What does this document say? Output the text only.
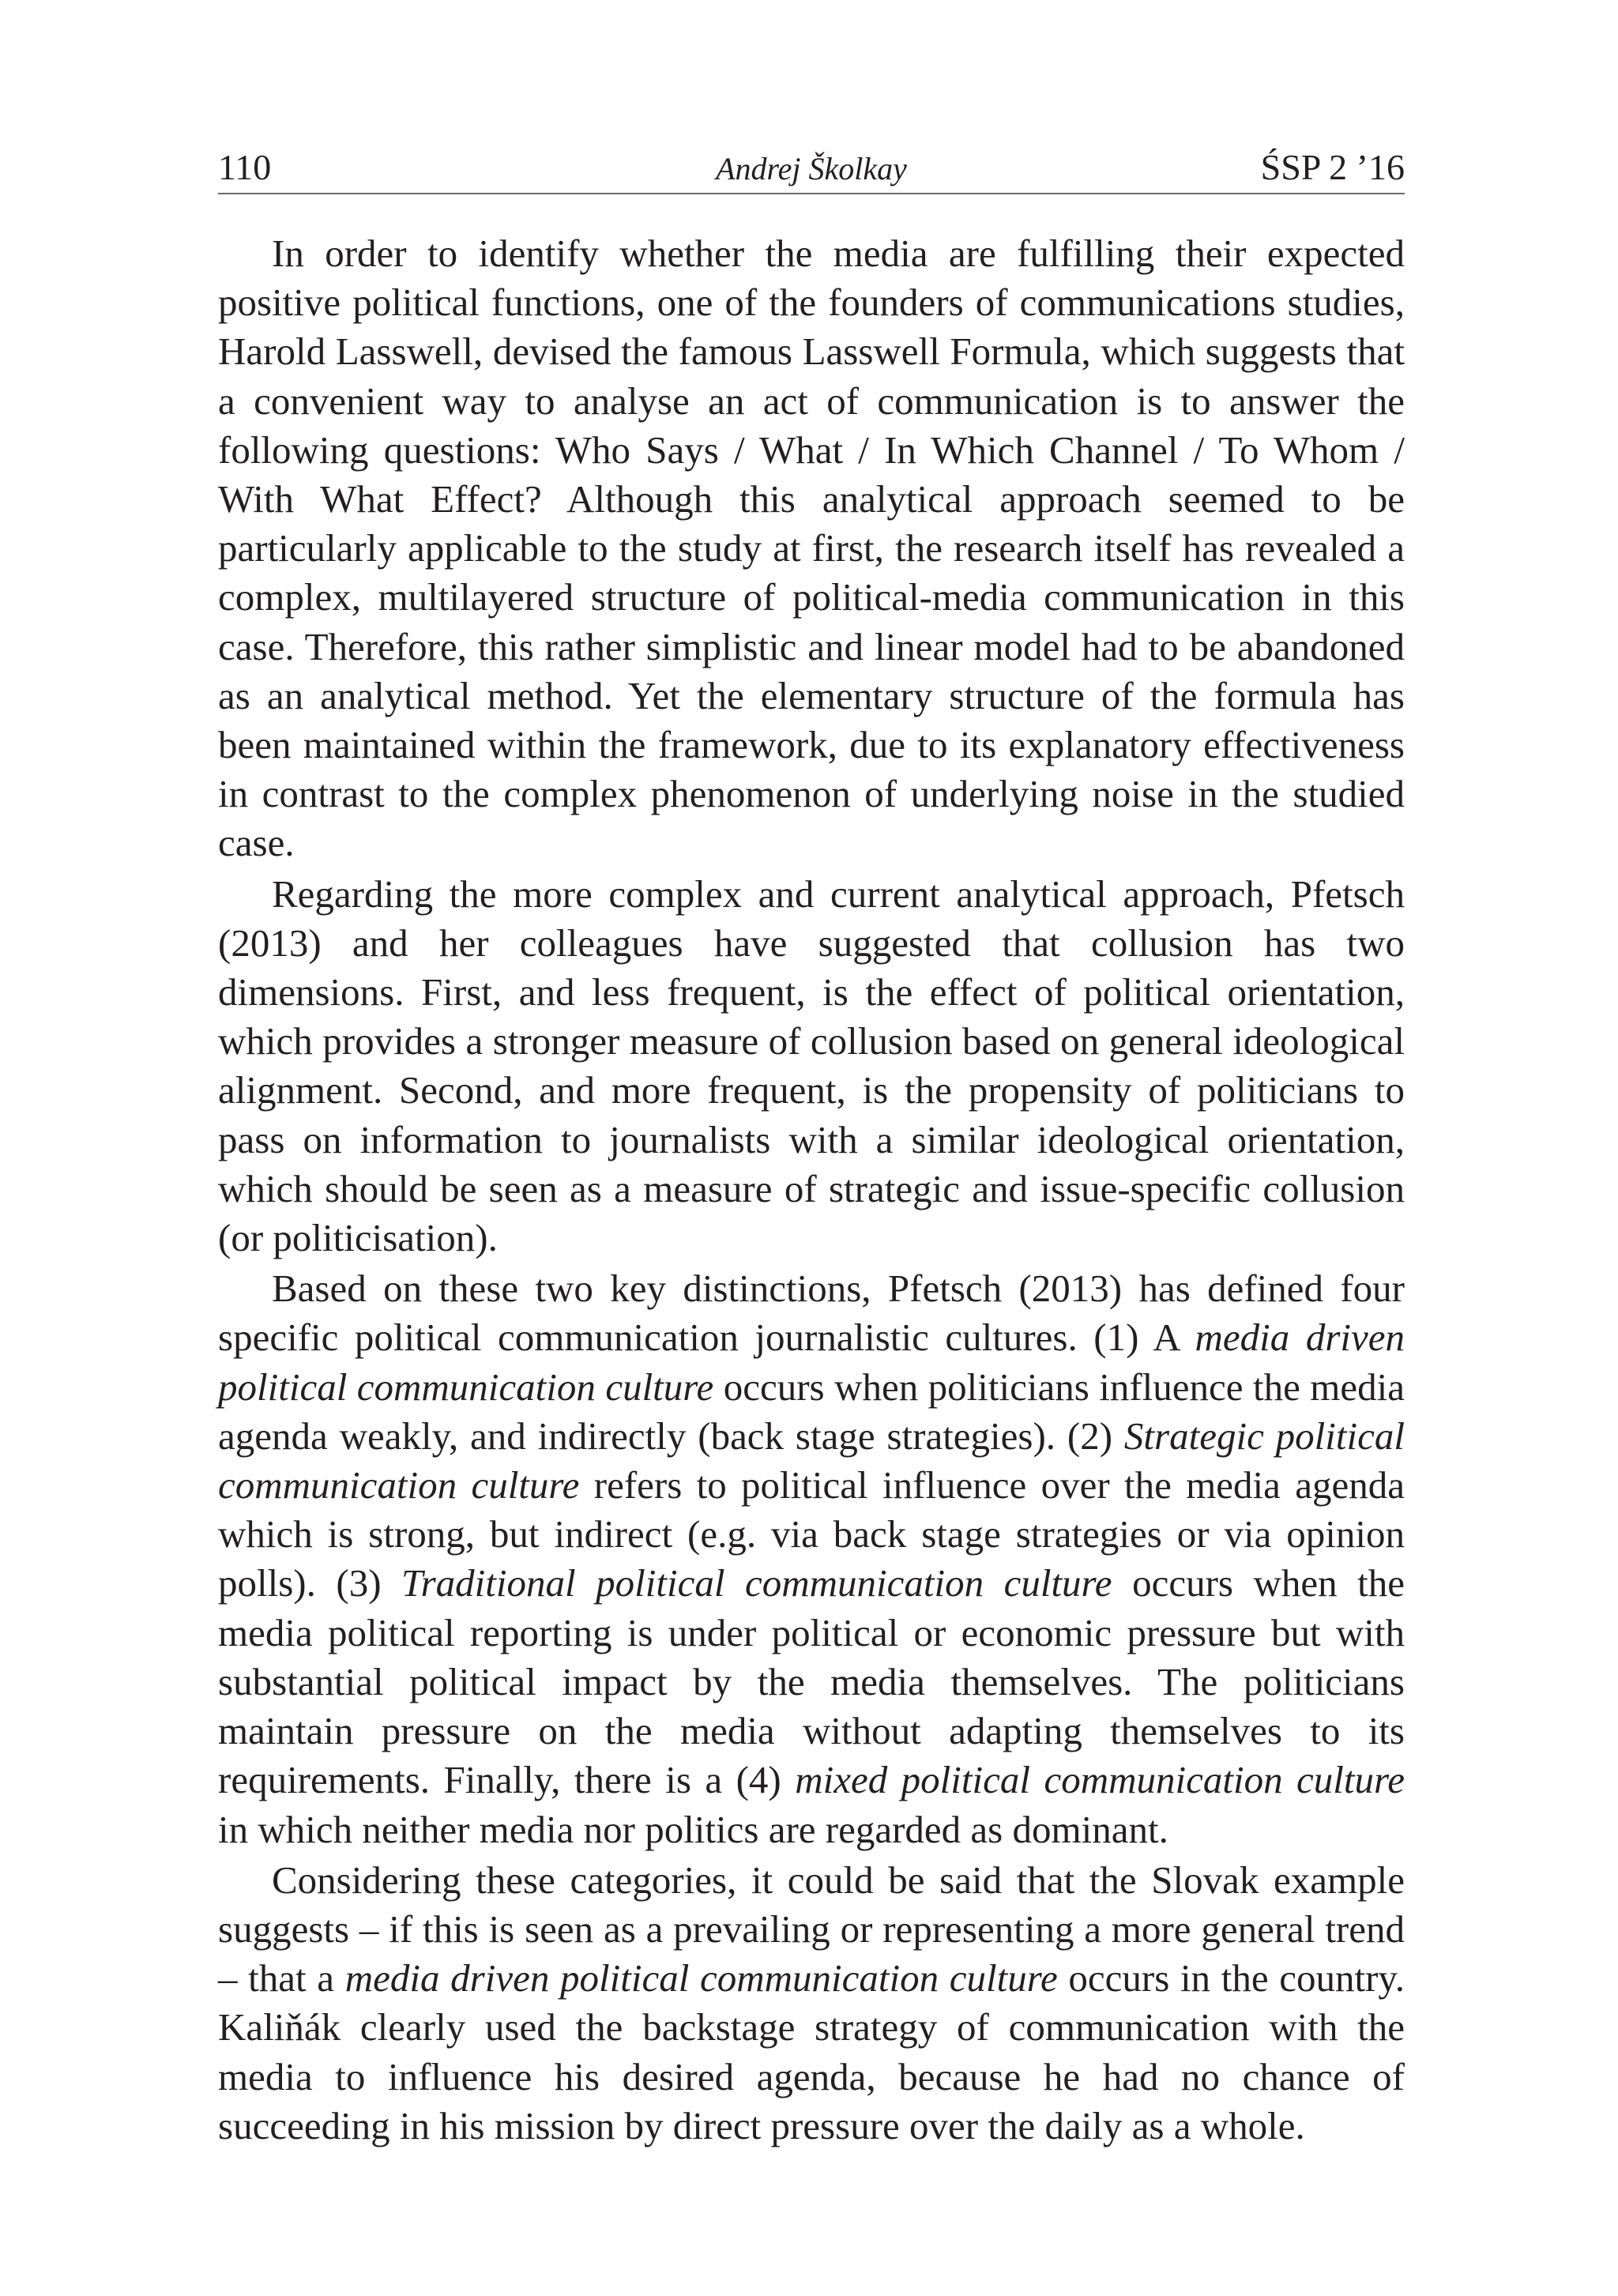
110	Andrej Školkay	ŚSP 2 ’16

In order to identify whether the media are fulfilling their expected positive political functions, one of the founders of communications studies, Harold Lasswell, devised the famous Lasswell Formula, which suggests that a convenient way to analyse an act of communication is to answer the following questions: Who Says / What / In Which Channel / To Whom / With What Effect? Although this analytical approach seemed to be particularly applicable to the study at first, the research itself has revealed a complex, multilayered structure of political-media communication in this case. Therefore, this rather simplistic and linear model had to be abandoned as an analytical method. Yet the elementary structure of the formula has been maintained within the framework, due to its explanatory effectiveness in contrast to the complex phenomenon of underlying noise in the studied case.

Regarding the more complex and current analytical approach, Pfetsch (2013) and her colleagues have suggested that collusion has two dimensions. First, and less frequent, is the effect of political orientation, which provides a stronger measure of collusion based on general ideological alignment. Second, and more frequent, is the propensity of politicians to pass on information to journalists with a similar ideological orientation, which should be seen as a measure of strategic and issue-specific collusion (or politicisation).

Based on these two key distinctions, Pfetsch (2013) has defined four specific political communication journalistic cultures. (1) A media driven political communication culture occurs when politicians influence the media agenda weakly, and indirectly (back stage strategies). (2) Strategic political communication culture refers to political influence over the media agenda which is strong, but indirect (e.g. via back stage strategies or via opinion polls). (3) Traditional political communication culture occurs when the media political reporting is under political or economic pressure but with substantial political impact by the media themselves. The politicians maintain pressure on the media without adapting themselves to its requirements. Finally, there is a (4) mixed political communication culture in which neither media nor politics are regarded as dominant.

Considering these categories, it could be said that the Slovak example suggests – if this is seen as a prevailing or representing a more general trend – that a media driven political communication culture occurs in the country. Kaliňák clearly used the backstage strategy of communication with the media to influence his desired agenda, because he had no chance of succeeding in his mission by direct pressure over the daily as a whole.
